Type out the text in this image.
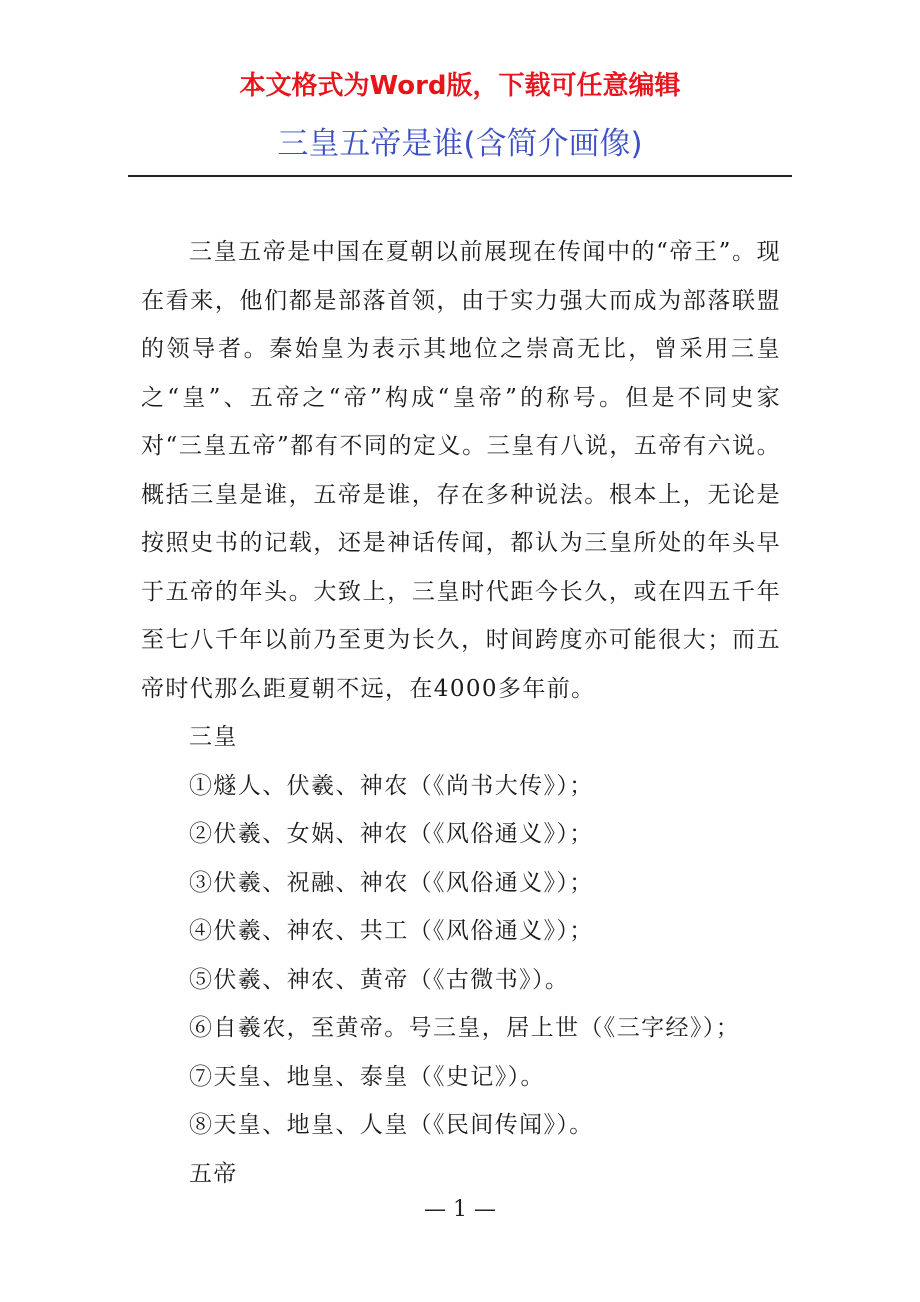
本文格式为Word版，下载可任意编辑
三皇五帝是谁(含简介画像)

三皇五帝是中国在夏朝以前展现在传闻中的“帝王”。现在看来，他们都是部落首领，由于实力强大而成为部落联盟的领导者。秦始皇为表示其地位之崇高无比，曾采用三皇之“皇”、五帝之“帝”构成“皇帝”的称号。但是不同史家对“三皇五帝”都有不同的定义。三皇有八说，五帝有六说。概括三皇是谁，五帝是谁，存在多种说法。根本上，无论是按照史书的记载，还是神话传闻，都认为三皇所处的年头早于五帝的年头。大致上，三皇时代距今长久，或在四五千年至七八千年以前乃至更为长久，时间跨度亦可能很大；而五帝时代那么距夏朝不远，在4000多年前。

三皇
①燧人、伏羲、神农（《尚书大传》）；
②伏羲、女娲、神农（《风俗通义》）；
③伏羲、祝融、神农（《风俗通义》）；
④伏羲、神农、共工（《风俗通义》）；
⑤伏羲、神农、黄帝（《古微书》）。
⑥自羲农，至黄帝。号三皇，居上世（《三字经》）；
⑦天皇、地皇、泰皇（《史记》）。
⑧天皇、地皇、人皇（《民间传闻》）。
五帝
— 1 —
